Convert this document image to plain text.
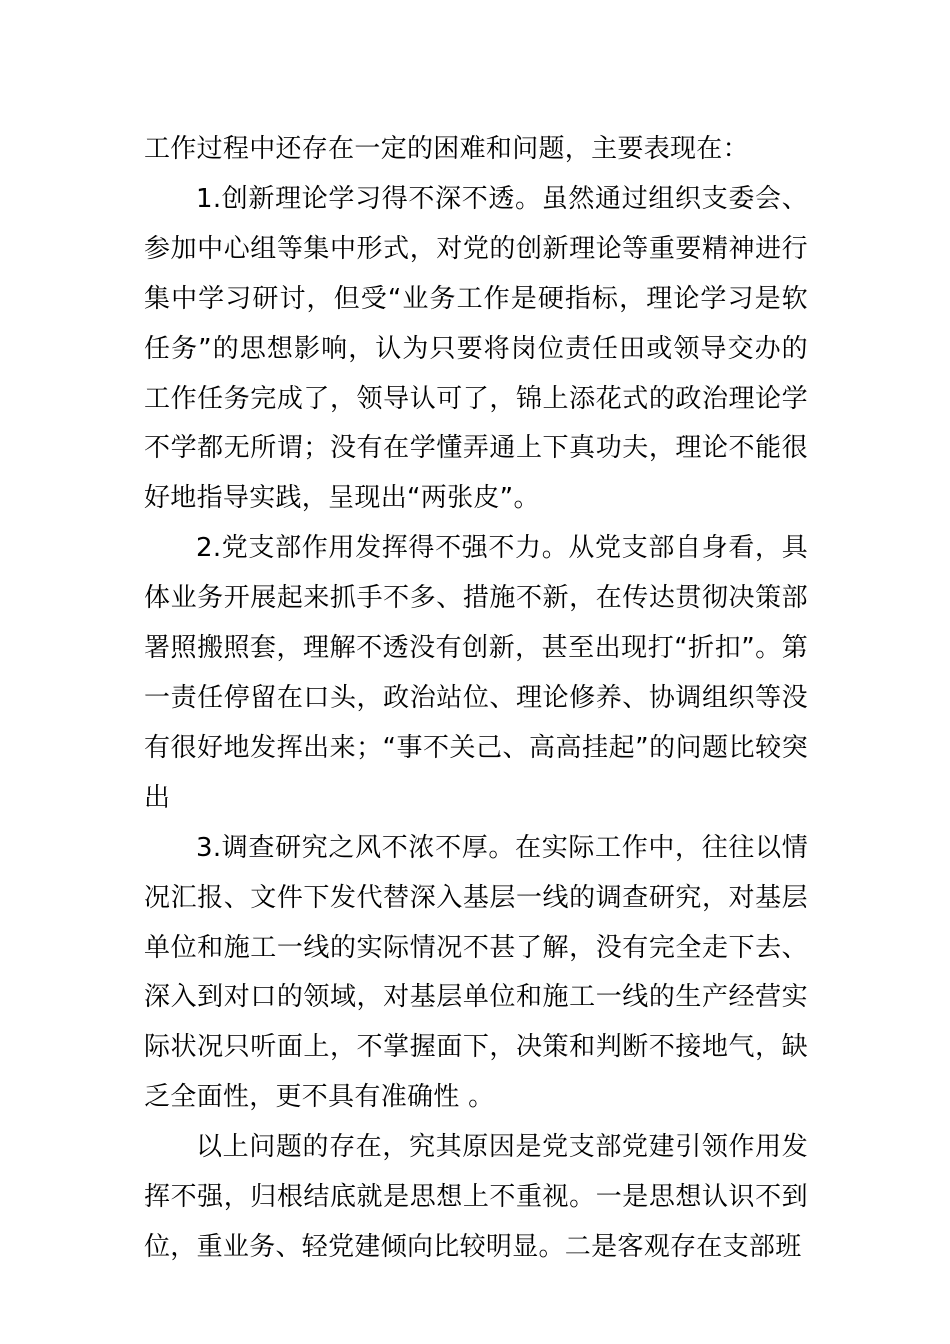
工作过程中还存在一定的困难和问题，主要表现在：

1.创新理论学习得不深不透。虽然通过组织支委会、参加中心组等集中形式，对党的创新理论等重要精神进行集中学习研讨，但受“业务工作是硬指标，理论学习是软任务”的思想影响，认为只要将岗位责任田或领导交办的工作任务完成了，领导认可了，锦上添花式的政治理论学不学都无所谓；没有在学懂弄通上下真功夫，理论不能很好地指导实践，呈现出“两张皮”。

2.党支部作用发挥得不强不力。从党支部自身看，具体业务开展起来抓手不多、措施不新，在传达贯彻决策部署照搬照套，理解不透没有创新，甚至出现打“折扣”。第一责任停留在口头，政治站位、理论修养、协调组织等没有很好地发挥出来；“事不关己、高高挂起”的问题比较突出

3.调查研究之风不浓不厚。在实际工作中，往往以情况汇报、文件下发代替深入基层一线的调查研究，对基层单位和施工一线的实际情况不甚了解，没有完全走下去、深入到对口的领域，对基层单位和施工一线的生产经营实际状况只听面上，不掌握面下，决策和判断不接地气，缺乏全面性，更不具有准确性 。

以上问题的存在，究其原因是党支部党建引领作用发挥不强，归根结底就是思想上不重视。一是思想认识不到位，重业务、轻党建倾向比较明显。二是客观存在支部班
